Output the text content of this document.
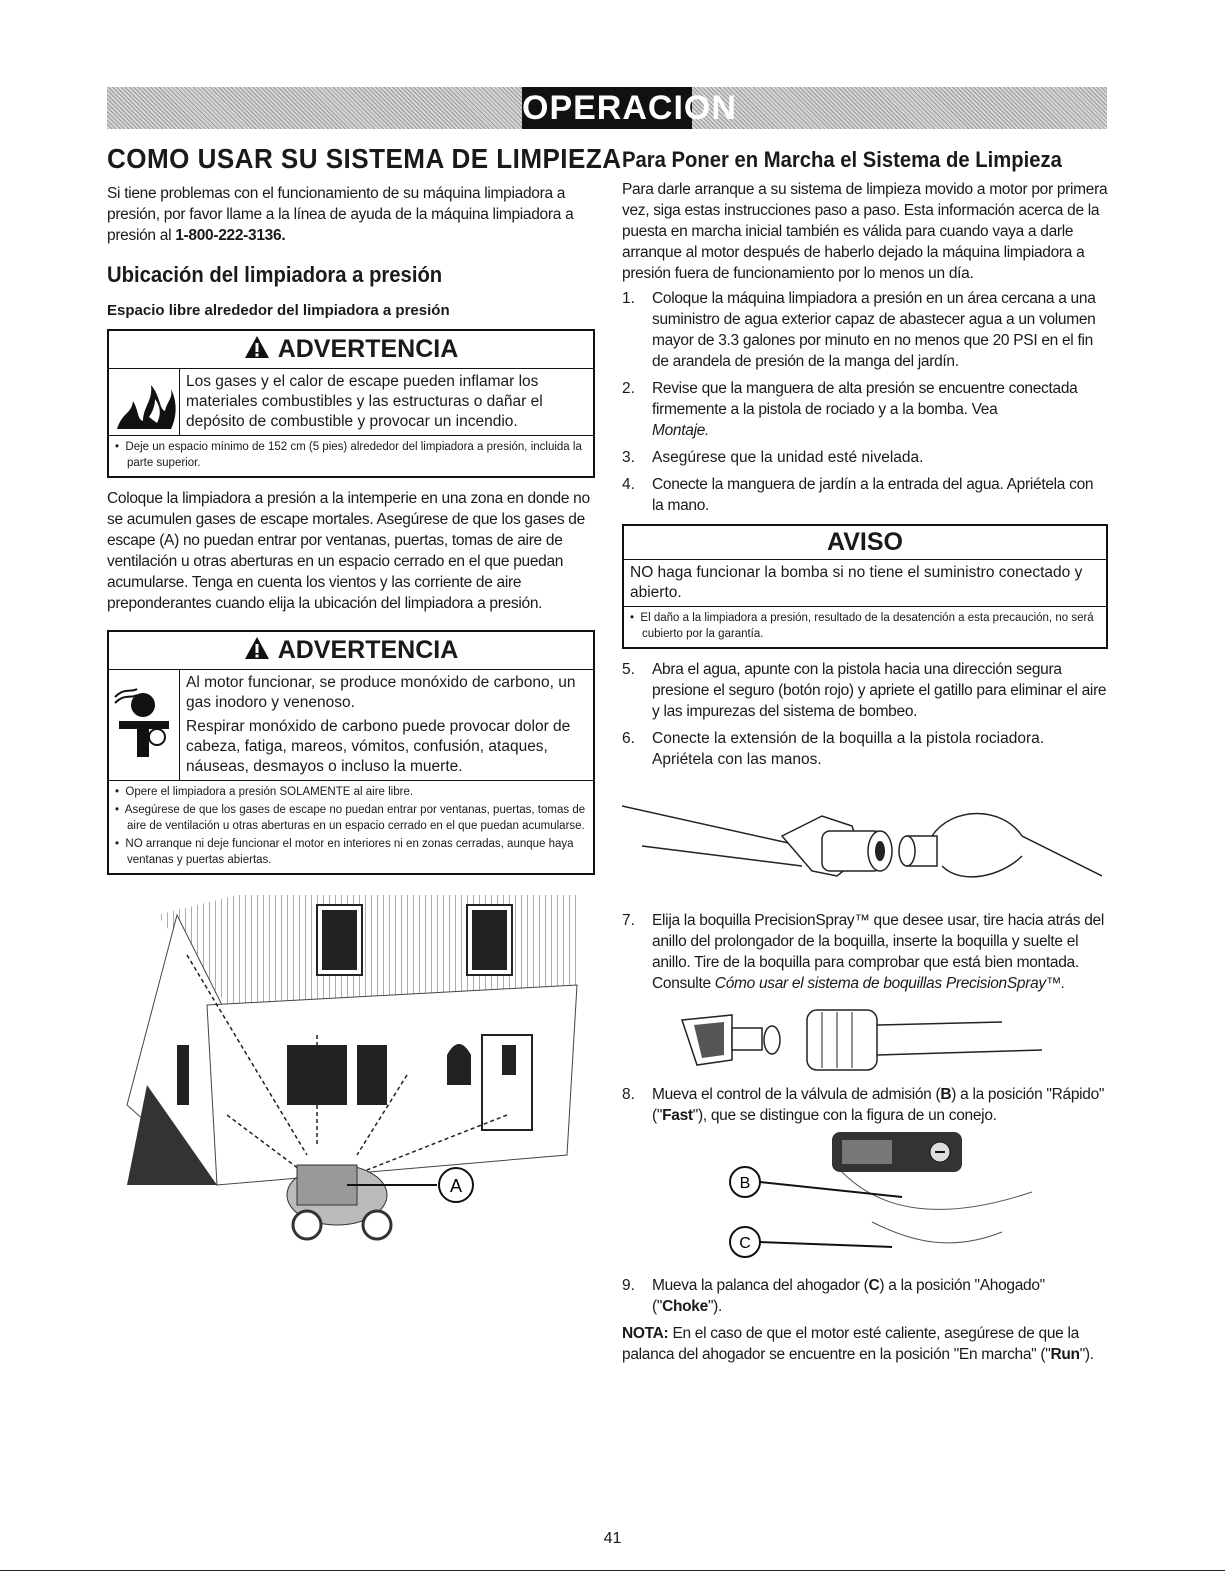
OPERACION
COMO USAR SU SISTEMA DE LIMPIEZA

Si tiene problemas con el funcionamiento de su máquina limpiadora a presión, por favor llame a la línea de ayuda de la máquina limpiadora a presión al 1-800-222-3136.

Ubicación del limpiadora a presión
Espacio libre alrededor del limpiadora a presión
ADVERTENCIA
Los gases y el calor de escape pueden inflamar los materiales combustibles y las estructuras o dañar el depósito de combustible y provocar un incendio.
•  Deje un espacio mínimo de 152 cm (5 pies) alrededor del limpiadora a presión, incluida la parte superior.

Coloque la limpiadora a presión a la intemperie en una zona en donde no se acumulen gases de escape mortales. Asegúrese de que los gases de escape (A) no puedan entrar por ventanas, puertas, tomas de aire de ventilación u otras aberturas en un espacio cerrado en el que puedan acumularse. Tenga en cuenta los vientos y las corriente de aire preponderantes cuando elija la ubicación del limpiadora a presión.

ADVERTENCIA
Al motor funcionar, se produce monóxido de carbono, un gas inodoro y venenoso.
Respirar monóxido de carbono puede provocar dolor de cabeza, fatiga, mareos, vómitos, confusión, ataques, náuseas, desmayos o incluso la muerte.
•  Opere el limpiadora a presión SOLAMENTE al aire libre.
•  Asegúrese de que los gases de escape no puedan entrar por ventanas, puertas, tomas de aire de ventilación u otras aberturas en un espacio cerrado en el que puedan acumularse.
•  NO arranque ni deje funcionar el motor en interiores ni en zonas cerradas, aunque haya ventanas y puertas abiertas.
A
Para Poner en Marcha el Sistema de Limpieza

Para darle arranque a su sistema de limpieza movido a motor por primera vez, siga estas instrucciones paso a paso. Esta información acerca de la puesta en marcha inicial también es válida para cuando vaya a darle arranque al motor después de haberlo dejado la máquina limpiadora a presión fuera de funcionamiento por lo menos un día.

1.	Coloque la máquina limpiadora a presión en un área cercana a una suministro de agua exterior capaz de abastecer agua a un volumen mayor de 3.3 galones por minuto en no menos que 20 PSI en el fin de arandela de presión de la manga del jardín.
2.	Revise que la manguera de alta presión se encuentre conectada firmemente a la pistola de rociado y a la bomba. Vea
Montaje.
3.	Asegúrese que la unidad esté nivelada.
4.	Conecte la manguera de jardín a la entrada del agua. Apriétela con la mano.
AVISO
NO haga funcionar la bomba si no tiene el suministro conectado y abierto.
•  El daño a la limpiadora a presión, resultado de la desatención a esta precaución, no será cubierto por la garantía.
5.	Abra el agua, apunte con la pistola hacia una dirección segura presione el seguro (botón rojo) y apriete el gatillo para eliminar el aire y las impurezas del sistema de bombeo.
6.	Conecte la extensión de la boquilla a la pistola rociadora. Apriétela con las manos.
7.	Elija la boquilla PrecisionSpray™ que desee usar, tire hacia atrás del anillo del prolongador de la boquilla, inserte la boquilla y suelte el anillo. Tire de la boquilla para comprobar que está bien montada. Consulte Cómo usar el sistema de boquillas PrecisionSpray™.
8.	Mueva el control de la válvula de admisión (B) a la posición "Rápido" ("Fast"), que se distingue con la figura de un conejo.
B
C
9.	Mueva la palanca del ahogador (C) a la posición "Ahogado" ("Choke").

NOTA: En el caso de que el motor esté caliente, asegúrese de que la palanca del ahogador se encuentre en la posición "En marcha" ("Run").

41
